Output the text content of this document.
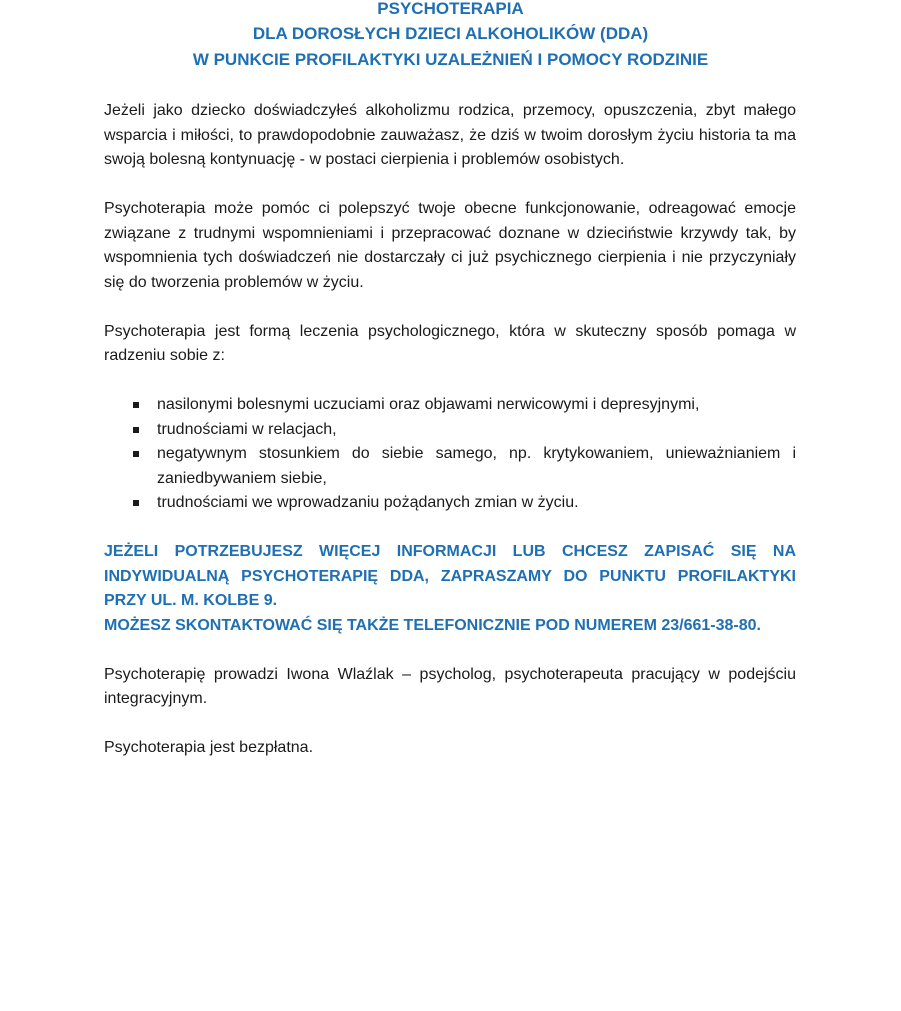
PSYCHOTERAPIA
DLA DOROSŁYCH DZIECI ALKOHOLIKÓW (DDA)
W PUNKCIE PROFILAKTYKI UZALEŻNIEŃ I POMOCY RODZINIE

Jeżeli jako dziecko doświadczyłeś alkoholizmu rodzica, przemocy, opuszczenia, zbyt małego wsparcia i miłości, to prawdopodobnie zauważasz, że dziś w twoim dorosłym życiu historia ta ma swoją bolesną kontynuację - w postaci cierpienia i problemów osobistych.

Psychoterapia może pomóc ci polepszyć twoje obecne funkcjonowanie, odreagować emocje związane z trudnymi wspomnieniami i przepracować doznane w dzieciństwie krzywdy tak, by wspomnienia tych doświadczeń nie dostarczały ci już psychicznego cierpienia i nie przyczyniały się do tworzenia problemów w życiu.

Psychoterapia jest formą leczenia psychologicznego, która w skuteczny sposób pomaga w radzeniu sobie z:

nasilonymi bolesnymi uczuciami oraz objawami nerwicowymi i depresyjnymi,
trudnościami w relacjach,
negatywnym stosunkiem do siebie samego, np. krytykowaniem, unieważnianiem i zaniedbywaniem siebie,
trudnościami we wprowadzaniu pożądanych zmian w życiu.

JEŻELI POTRZEBUJESZ WIĘCEJ INFORMACJI LUB CHCESZ ZAPISAĆ SIĘ NA INDYWIDUALNĄ PSYCHOTERAPIĘ DDA, ZAPRASZAMY DO PUNKTU PROFILAKTYKI PRZY UL. M. KOLBE 9.

MOŻESZ SKONTAKTOWAĆ SIĘ TAKŻE TELEFONICZNIE POD NUMEREM 23/661-38-80.

Psychoterapię prowadzi Iwona Wlaźlak – psycholog, psychoterapeuta pracujący w podejściu integracyjnym.

Psychoterapia jest bezpłatna.
